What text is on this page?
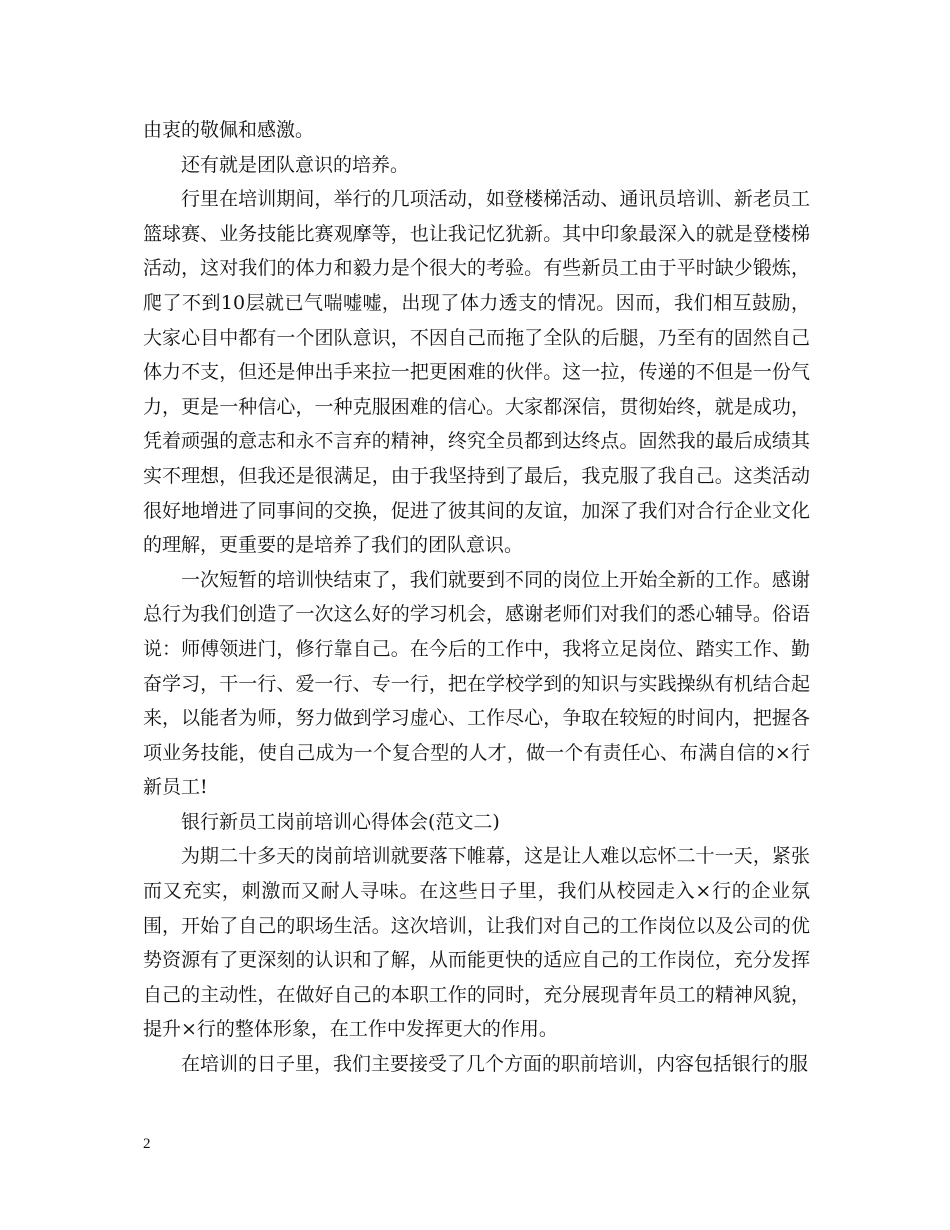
由衷的敬佩和感激。

还有就是团队意识的培养。

行里在培训期间，举行的几项活动，如登楼梯活动、通讯员培训、新老员工篮球赛、业务技能比赛观摩等，也让我记忆犹新。其中印象最深入的就是登楼梯活动，这对我们的体力和毅力是个很大的考验。有些新员工由于平时缺少锻炼，爬了不到10层就已气喘嘘嘘，出现了体力透支的情况。因而，我们相互鼓励，大家心目中都有一个团队意识，不因自己而拖了全队的后腿，乃至有的固然自己体力不支，但还是伸出手来拉一把更困难的伙伴。这一拉，传递的不但是一份气力，更是一种信心，一种克服困难的信心。大家都深信，贯彻始终，就是成功，凭着顽强的意志和永不言弃的精神，终究全员都到达终点。固然我的最后成绩其实不理想，但我还是很满足，由于我坚持到了最后，我克服了我自己。这类活动很好地增进了同事间的交换，促进了彼其间的友谊，加深了我们对合行企业文化的理解，更重要的是培养了我们的团队意识。

一次短暂的培训快结束了，我们就要到不同的岗位上开始全新的工作。感谢总行为我们创造了一次这么好的学习机会，感谢老师们对我们的悉心辅导。俗语说：师傅领进门，修行靠自己。在今后的工作中，我将立足岗位、踏实工作、勤奋学习，干一行、爱一行、专一行，把在学校学到的知识与实践操纵有机结合起来，以能者为师，努力做到学习虚心、工作尽心，争取在较短的时间内，把握各项业务技能，使自己成为一个复合型的人才，做一个有责任心、布满自信的×行新员工!

银行新员工岗前培训心得体会(范文二)

为期二十多天的岗前培训就要落下帷幕，这是让人难以忘怀二十一天，紧张而又充实，刺激而又耐人寻味。在这些日子里，我们从校园走入×行的企业氛围，开始了自己的职场生活。这次培训，让我们对自己的工作岗位以及公司的优势资源有了更深刻的认识和了解，从而能更快的适应自己的工作岗位，充分发挥自己的主动性，在做好自己的本职工作的同时，充分展现青年员工的精神风貌，提升×行的整体形象，在工作中发挥更大的作用。

在培训的日子里，我们主要接受了几个方面的职前培训，内容包括银行的服

2
